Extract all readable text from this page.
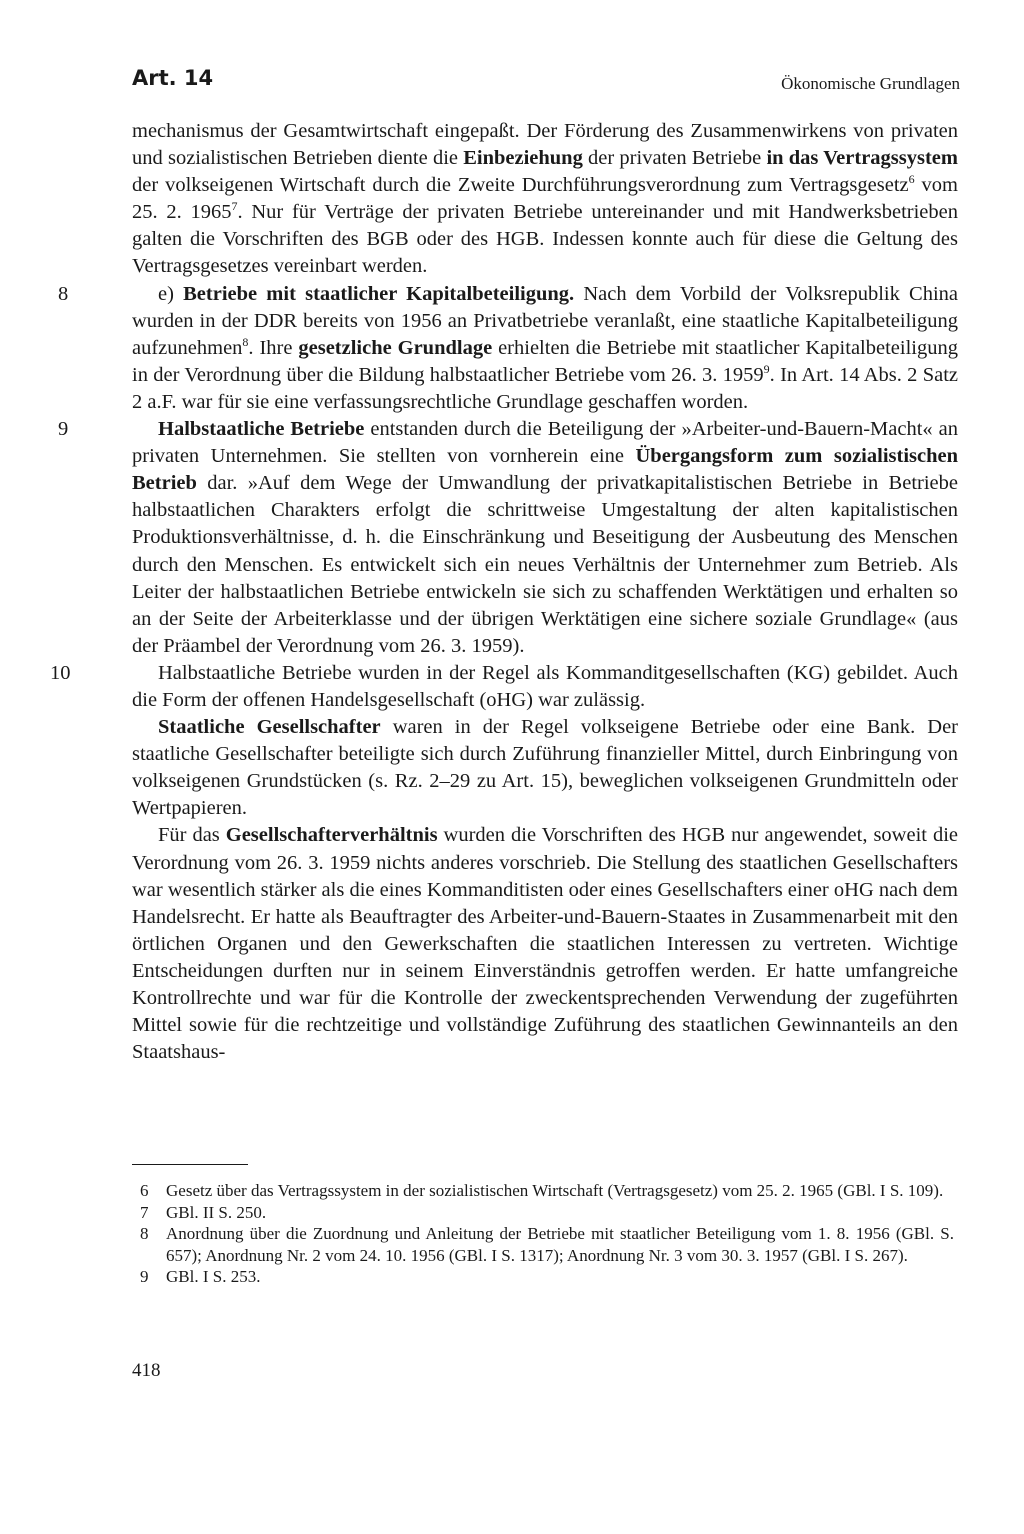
Art. 14	Ökonomische Grundlagen

mechanismus der Gesamtwirtschaft eingepaßt. Der Förderung des Zusammenwirkens von privaten und sozialistischen Betrieben diente die Einbeziehung der privaten Betriebe in das Vertragssystem der volkseigenen Wirtschaft durch die Zweite Durchführungsverordnung zum Vertragsgesetz$^6$ vom 25. 2. 1965$^7$. Nur für Verträge der privaten Betriebe untereinander und mit Handwerksbetrieben galten die Vorschriften des BGB oder des HGB. Indessen konnte auch für diese die Geltung des Vertragsgesetzes vereinbart werden.

8	e) Betriebe mit staatlicher Kapitalbeteiligung. Nach dem Vorbild der Volksrepublik China wurden in der DDR bereits von 1956 an Privatbetriebe veranlaßt, eine staatliche Kapitalbeteiligung aufzunehmen$^8$. Ihre gesetzliche Grundlage erhielten die Betriebe mit staatlicher Kapitalbeteiligung in der Verordnung über die Bildung halbstaatlicher Betriebe vom 26. 3. 1959$^9$. In Art. 14 Abs. 2 Satz 2 a.F. war für sie eine verfassungsrechtliche Grundlage geschaffen worden.

9	Halbstaatliche Betriebe entstanden durch die Beteiligung der »Arbeiter-und-Bauern-Macht« an privaten Unternehmen. Sie stellten von vornherein eine Übergangsform zum sozialistischen Betrieb dar. »Auf dem Wege der Umwandlung der privatkapitalistischen Betriebe in Betriebe halbstaatlichen Charakters erfolgt die schrittweise Umgestaltung der alten kapitalistischen Produktionsverhältnisse, d. h. die Einschränkung und Beseitigung der Ausbeutung des Menschen durch den Menschen. Es entwickelt sich ein neues Verhältnis der Unternehmer zum Betrieb. Als Leiter der halbstaatlichen Betriebe entwickeln sie sich zu schaffenden Werktätigen und erhalten so an der Seite der Arbeiterklasse und der übrigen Werktätigen eine sichere soziale Grundlage« (aus der Präambel der Verordnung vom 26. 3. 1959).

10	Halbstaatliche Betriebe wurden in der Regel als Kommanditgesellschaften (KG) gebildet. Auch die Form der offenen Handelsgesellschaft (oHG) war zulässig.

Staatliche Gesellschafter waren in der Regel volkseigene Betriebe oder eine Bank. Der staatliche Gesellschafter beteiligte sich durch Zuführung finanzieller Mittel, durch Einbringung von volkseigenen Grundstücken (s. Rz. 2–29 zu Art. 15), beweglichen volkseigenen Grundmitteln oder Wertpapieren.

Für das Gesellschafterverhältnis wurden die Vorschriften des HGB nur angewendet, soweit die Verordnung vom 26. 3. 1959 nichts anderes vorschrieb. Die Stellung des staatlichen Gesellschafters war wesentlich stärker als die eines Kommanditisten oder eines Gesellschafters einer oHG nach dem Handelsrecht. Er hatte als Beauftragter des Arbeiter-und-Bauern-Staates in Zusammenarbeit mit den örtlichen Organen und den Gewerkschaften die staatlichen Interessen zu vertreten. Wichtige Entscheidungen durften nur in seinem Einverständnis getroffen werden. Er hatte umfangreiche Kontrollrechte und war für die Kontrolle der zweckentsprechenden Verwendung der zugeführten Mittel sowie für die rechtzeitige und vollständige Zuführung des staatlichen Gewinnanteils an den Staatshaus-

6 Gesetz über das Vertragssystem in der sozialistischen Wirtschaft (Vertragsgesetz) vom 25. 2. 1965 (GBl. I S. 109).

7 GBl. II S. 250.

8 Anordnung über die Zuordnung und Anleitung der Betriebe mit staatlicher Beteiligung vom 1. 8. 1956 (GBl. S. 657); Anordnung Nr. 2 vom 24. 10. 1956 (GBl. I S. 1317); Anordnung Nr. 3 vom 30. 3. 1957 (GBl. I S. 267).

9 GBl. I S. 253.

418
